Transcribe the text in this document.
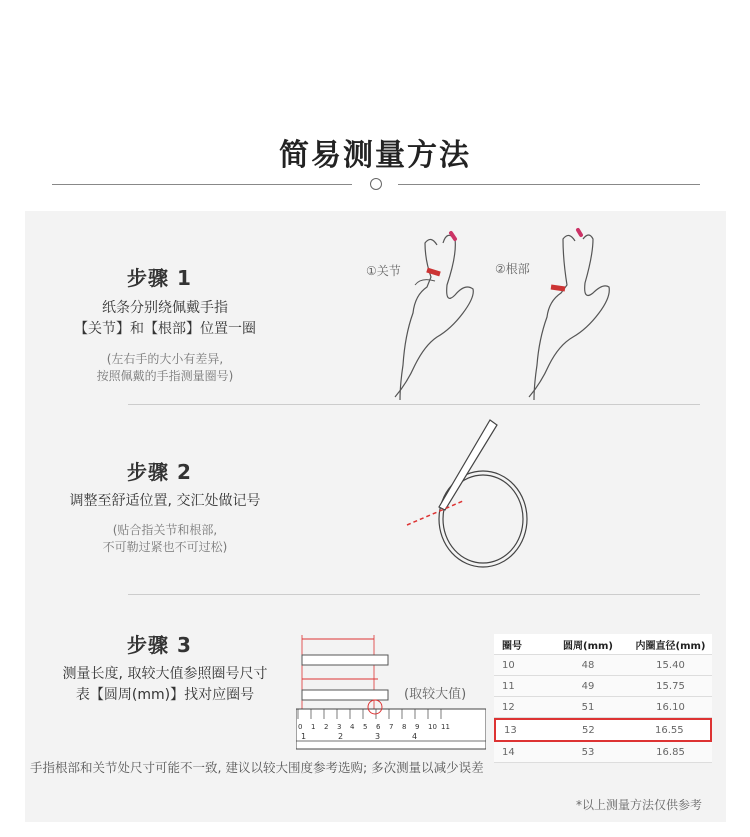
简易测量方法
步骤 1
纸条分别绕佩戴手指
【关节】和【根部】位置一圈
(左右手的大小有差异,
按照佩戴的手指测量圈号)
①关节	②根部
步骤 2
调整至舒适位置, 交汇处做记号
(贴合指关节和根部,
不可勒过紧也不可过松)
步骤 3
测量长度, 取较大值参照圈号尺寸
表【圆周(mm)】找对应圈号
0 1 2 3 4 5 6 7 8 9 10 11
1	2	3	4
(取较大值)
圈号	圆周(mm)	内圈直径(mm)
10	48	15.40
11	49	15.75
12	51	16.10
13	52	16.55
14	53	16.85
手指根部和关节处尺寸可能不一致, 建议以较大围度参考选购; 多次测量以减少误差
*以上测量方法仅供参考
